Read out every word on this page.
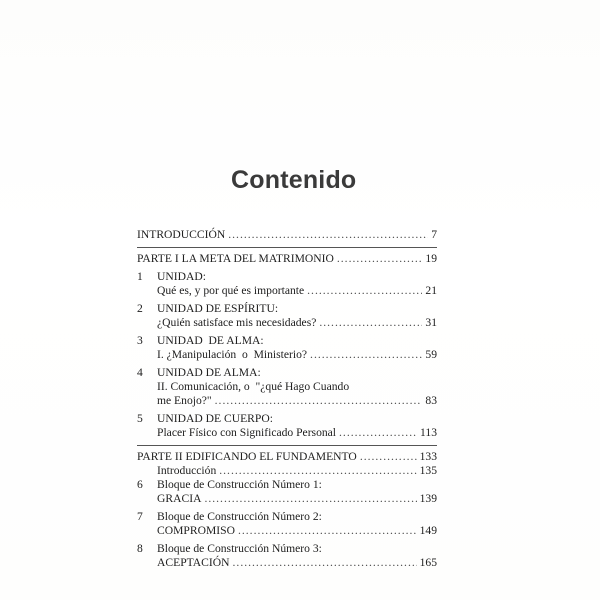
Contenido
INTRODUCCIÓN .....	7
PARTE I LA META DEL MATRIMONIO .....	19
1	UNIDAD:
Qué es, y por qué es importante .....	21
2	UNIDAD DE ESPÍRITU:
¿Quién satisface mis necesidades? .....	31
3	UNIDAD  DE ALMA:
I. ¿Manipulación  o  Ministerio? .....	59
4	UNIDAD DE ALMA:
II. Comunicación, o  "¿qué Hago Cuando
me Enojo?" .....	83
5	UNIDAD DE CUERPO:
Placer Físico con Significado Personal .....	113
PARTE II EDIFICANDO EL FUNDAMENTO .....	133
Introducción .....	135
6	Bloque de Construcción Número 1:
GRACIA .....	139
7	Bloque de Construcción Número 2:
COMPROMISO .....	149
8	Bloque de Construcción Número 3:
ACEPTACIÓN .....	165
